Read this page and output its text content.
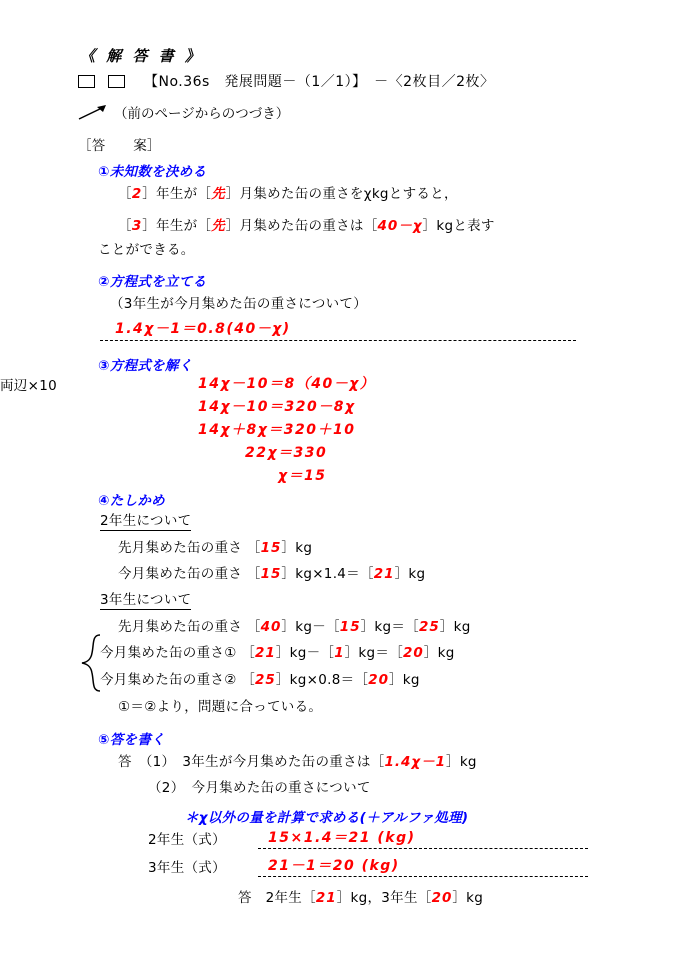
《 解 答 書 》
【No.36s　発展問題－（1／1）】　－〈2枚目／2枚〉
（前のページからのつづき）
［答　　案］
①未知数を決める
［2］年生が［先］月集めた缶の重さをχkgとすると，
［3］年生が［先］月集めた缶の重さは［40－χ］kgと表す
ことができる。
②方程式を立てる
（3年生が今月集めた缶の重さについて）
1.4χ－1＝0.8(40－χ)
③方程式を解く
両辺×10	14χ－10＝8（40－χ）
14χ－10＝320－8χ
14χ＋8χ＝320＋10
22χ＝330
χ＝15
④たしかめ
2年生について
先月集めた缶の重さ ［15］kg
今月集めた缶の重さ ［15］kg×1.4＝［21］kg
3年生について
先月集めた缶の重さ ［40］kg－［15］kg＝［25］kg
今月集めた缶の重さ① ［21］kg－［1］kg＝［20］kg
今月集めた缶の重さ② ［25］kg×0.8＝［20］kg
①＝②より，問題に合っている。
⑤答を書く
答　（1）　3年生が今月集めた缶の重さは［1.4χ－1］kg
（2）　今月集めた缶の重さについて
＊χ以外の量を計算で求める(＋アルファ処理)
2年生（式）	15×1.4＝21 (kg)
3年生（式）	21－1＝20 (kg)
答　2年生［21］kg，3年生［20］kg
